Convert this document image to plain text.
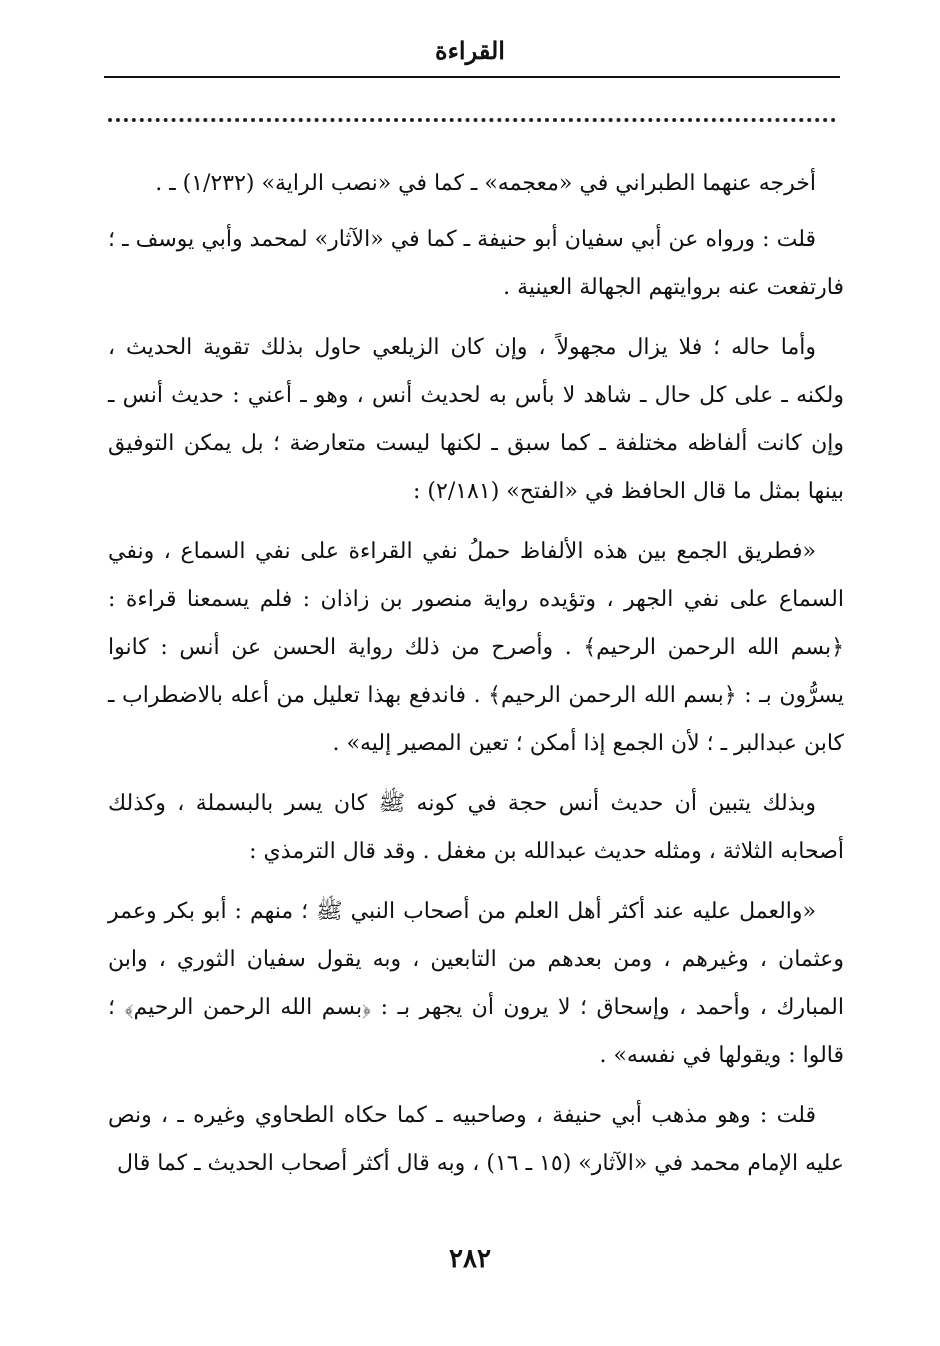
القراءة

أخرجه عنهما الطبراني في «معجمه» ـ كما في «نصب الراية» (١/٢٣٢) ـ .

قلت : ورواه عن أبي سفيان أبو حنيفة ـ كما في «الآثار» لمحمد وأبي يوسف ـ ؛ فارتفعت عنه بروايتهم الجهالة العينية .

وأما حاله ؛ فلا يزال مجهولاً ، وإن كان الزيلعي حاول بذلك تقوية الحديث ، ولكنه ـ على كل حال ـ شاهد لا بأس به لحديث أنس ، وهو ـ أعني : حديث أنس ـ وإن كانت ألفاظه مختلفة ـ كما سبق ـ لكنها ليست متعارضة ؛ بل يمكن التوفيق بينها بمثل ما قال الحافظ في «الفتح» (٢/١٨١) :

«فطريق الجمع بين هذه الألفاظ حملُ نفي القراءة على نفي السماع ، ونفي السماع على نفي الجهر ، وتؤيده رواية منصور بن زاذان : فلم يسمعنا قراءة : ﴿بسم الله الرحمن الرحيم﴾ . وأصرح من ذلك رواية الحسن عن أنس : كانوا يسرُّون بـ : ﴿بسم الله الرحمن الرحيم﴾ . فاندفع بهذا تعليل من أعله بالاضطراب ـ كابن عبدالبر ـ ؛ لأن الجمع إذا أمكن ؛ تعين المصير إليه» .

وبذلك يتبين أن حديث أنس حجة في كونه ﷺ كان يسر بالبسملة ، وكذلك أصحابه الثلاثة ، ومثله حديث عبدالله بن مغفل . وقد قال الترمذي :

«والعمل عليه عند أكثر أهل العلم من أصحاب النبي ﷺ ؛ منهم : أبو بكر وعمر وعثمان ، وغيرهم ، ومن بعدهم من التابعين ، وبه يقول سفيان الثوري ، وابن المبارك ، وأحمد ، وإسحاق ؛ لا يرون أن يجهر بـ : ﴿بسم الله الرحمن الرحيم﴾ ؛ قالوا : ويقولها في نفسه» .

قلت : وهو مذهب أبي حنيفة ، وصاحبيه ـ كما حكاه الطحاوي وغيره ـ ، ونص عليه الإمام محمد في «الآثار» (١٥ ـ ١٦) ، وبه قال أكثر أصحاب الحديث ـ كما قال

٢٨٢
